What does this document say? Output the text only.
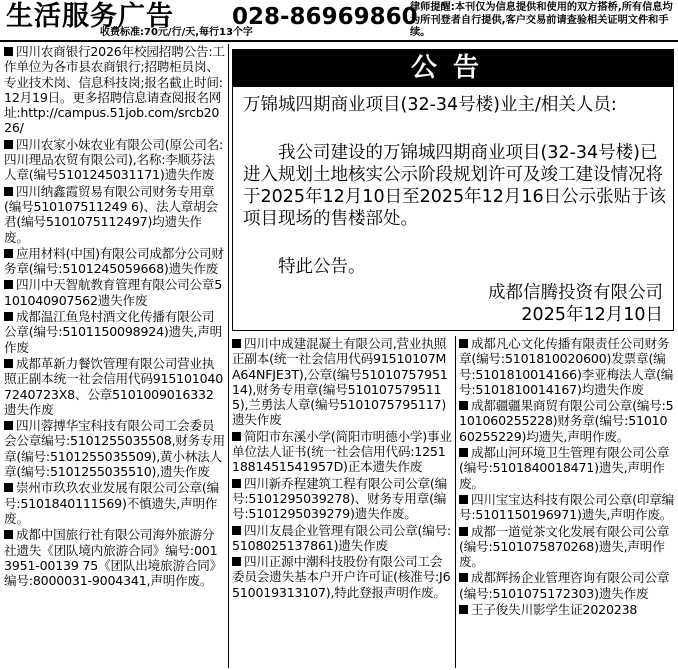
生活服务广告	028-86969860
收费标准:70元/行/天,每行13个字
律师提醒:本刊仅为信息提供和使用的双方搭桥,所有信息均为所刊登者自行提供,客户交易前请查验相关证明文件和手续。
四川农商银行2026年校园招聘公告:工作单位为各市县农商银行;招聘柜员岗、专业技术岗、信息科技岗;报名截止时间:12月19日。更多招聘信息请查阅报名网址:http://campus.51job.com/srcb2026/
四川农家小妹农业有限公司(原公司名:四川理品农贸有限公司),名称:李顺芬法人章(编号5101245031171)遗失作废
四川纳鑫霞贸易有限公司财务专用章(编号510107511249 6)、法人章胡会君(编号5101075112497)均遗失作废。
应用材料(中国)有限公司成都分公司财务章(编号:5101245059668)遗失作废
四川中天智航教育管理有限公司公章5101040907562遗失作废
成都温江鱼凫村酒文化传播有限公司公章(编号:5101150098924)遗失,声明作废
成都革新力餐饮管理有限公司营业执照正副本统一社会信用代码9151010407240723X8、公章5101009016332遗失作废
四川蓉搏华宝科技有限公司工会委员会公章编号:5101255035508,财务专用章(编号:5101255035509),黄小林法人章(编号:5101255035510),遗失作废
崇州市玖玖农业发展有限公司公章(编号:5101840111569)不慎遗失,声明作废。
成都中国旅行社有限公司海外旅游分社遗失《团队境内旅游合同》编号:0013951-00139 75《团队出境旅游合同》编号:8000031-9004341,声明作废。
公告
万锦城四期商业项目(32-34号楼)业主/相关人员:
我公司建设的万锦城四期商业项目(32-34号楼)已进入规划土地核实公示阶段规划许可及竣工建设情况将于2025年12月10日至2025年12月16日公示张贴于该项目现场的售楼部处。
特此公告。
成都信腾投资有限公司
2025年12月10日
四川中成建混凝土有限公司,营业执照正副本(统一社会信用代码91510107MA64NFJE3T),公章(编号5101075795114),财务专用章(编号5101075795115),兰勇法人章(编号5101075795117)遗失作废
简阳市东溪小学(简阳市明德小学)事业单位法人证书(统一社会信用代码:12511881451541957D)正本遗失作废
四川新乔程建筑工程有限公司公章(编号:5101295039278)、财务专用章(编号:5101295039279)遗失作废。
四川友晨企业管理有限公司公章(编号:5108025137861)遗失作废
四川正源中潮科技股份有限公司工会委员会遗失基本户开户许可证(核准号:J6510019313107),特此登报声明作废。
成都凡心文化传播有限责任公司财务章(编号:5101810020600)发票章(编号:5101810014166)李亚梅法人章(编号:5101810014167)均遗失作废
成都疆疆果商贸有限公司公章(编号:5101060255228)财务章(编号:5101060255229)均遗失,声明作废。
成都山河环境卫生管理有限公司公章(编号:5101840018471)遗失,声明作废。
四川宝宝达科技有限公司公章(印章编号:5101150196971)遗失,声明作废。
成都一道觉茶文化发展有限公司公章(编号:5101075870268)遗失,声明作废。
成都辉扬企业管理咨询有限公司公章(编号:5101075172303)遗失作废
王子俊失川影学生证2020238
